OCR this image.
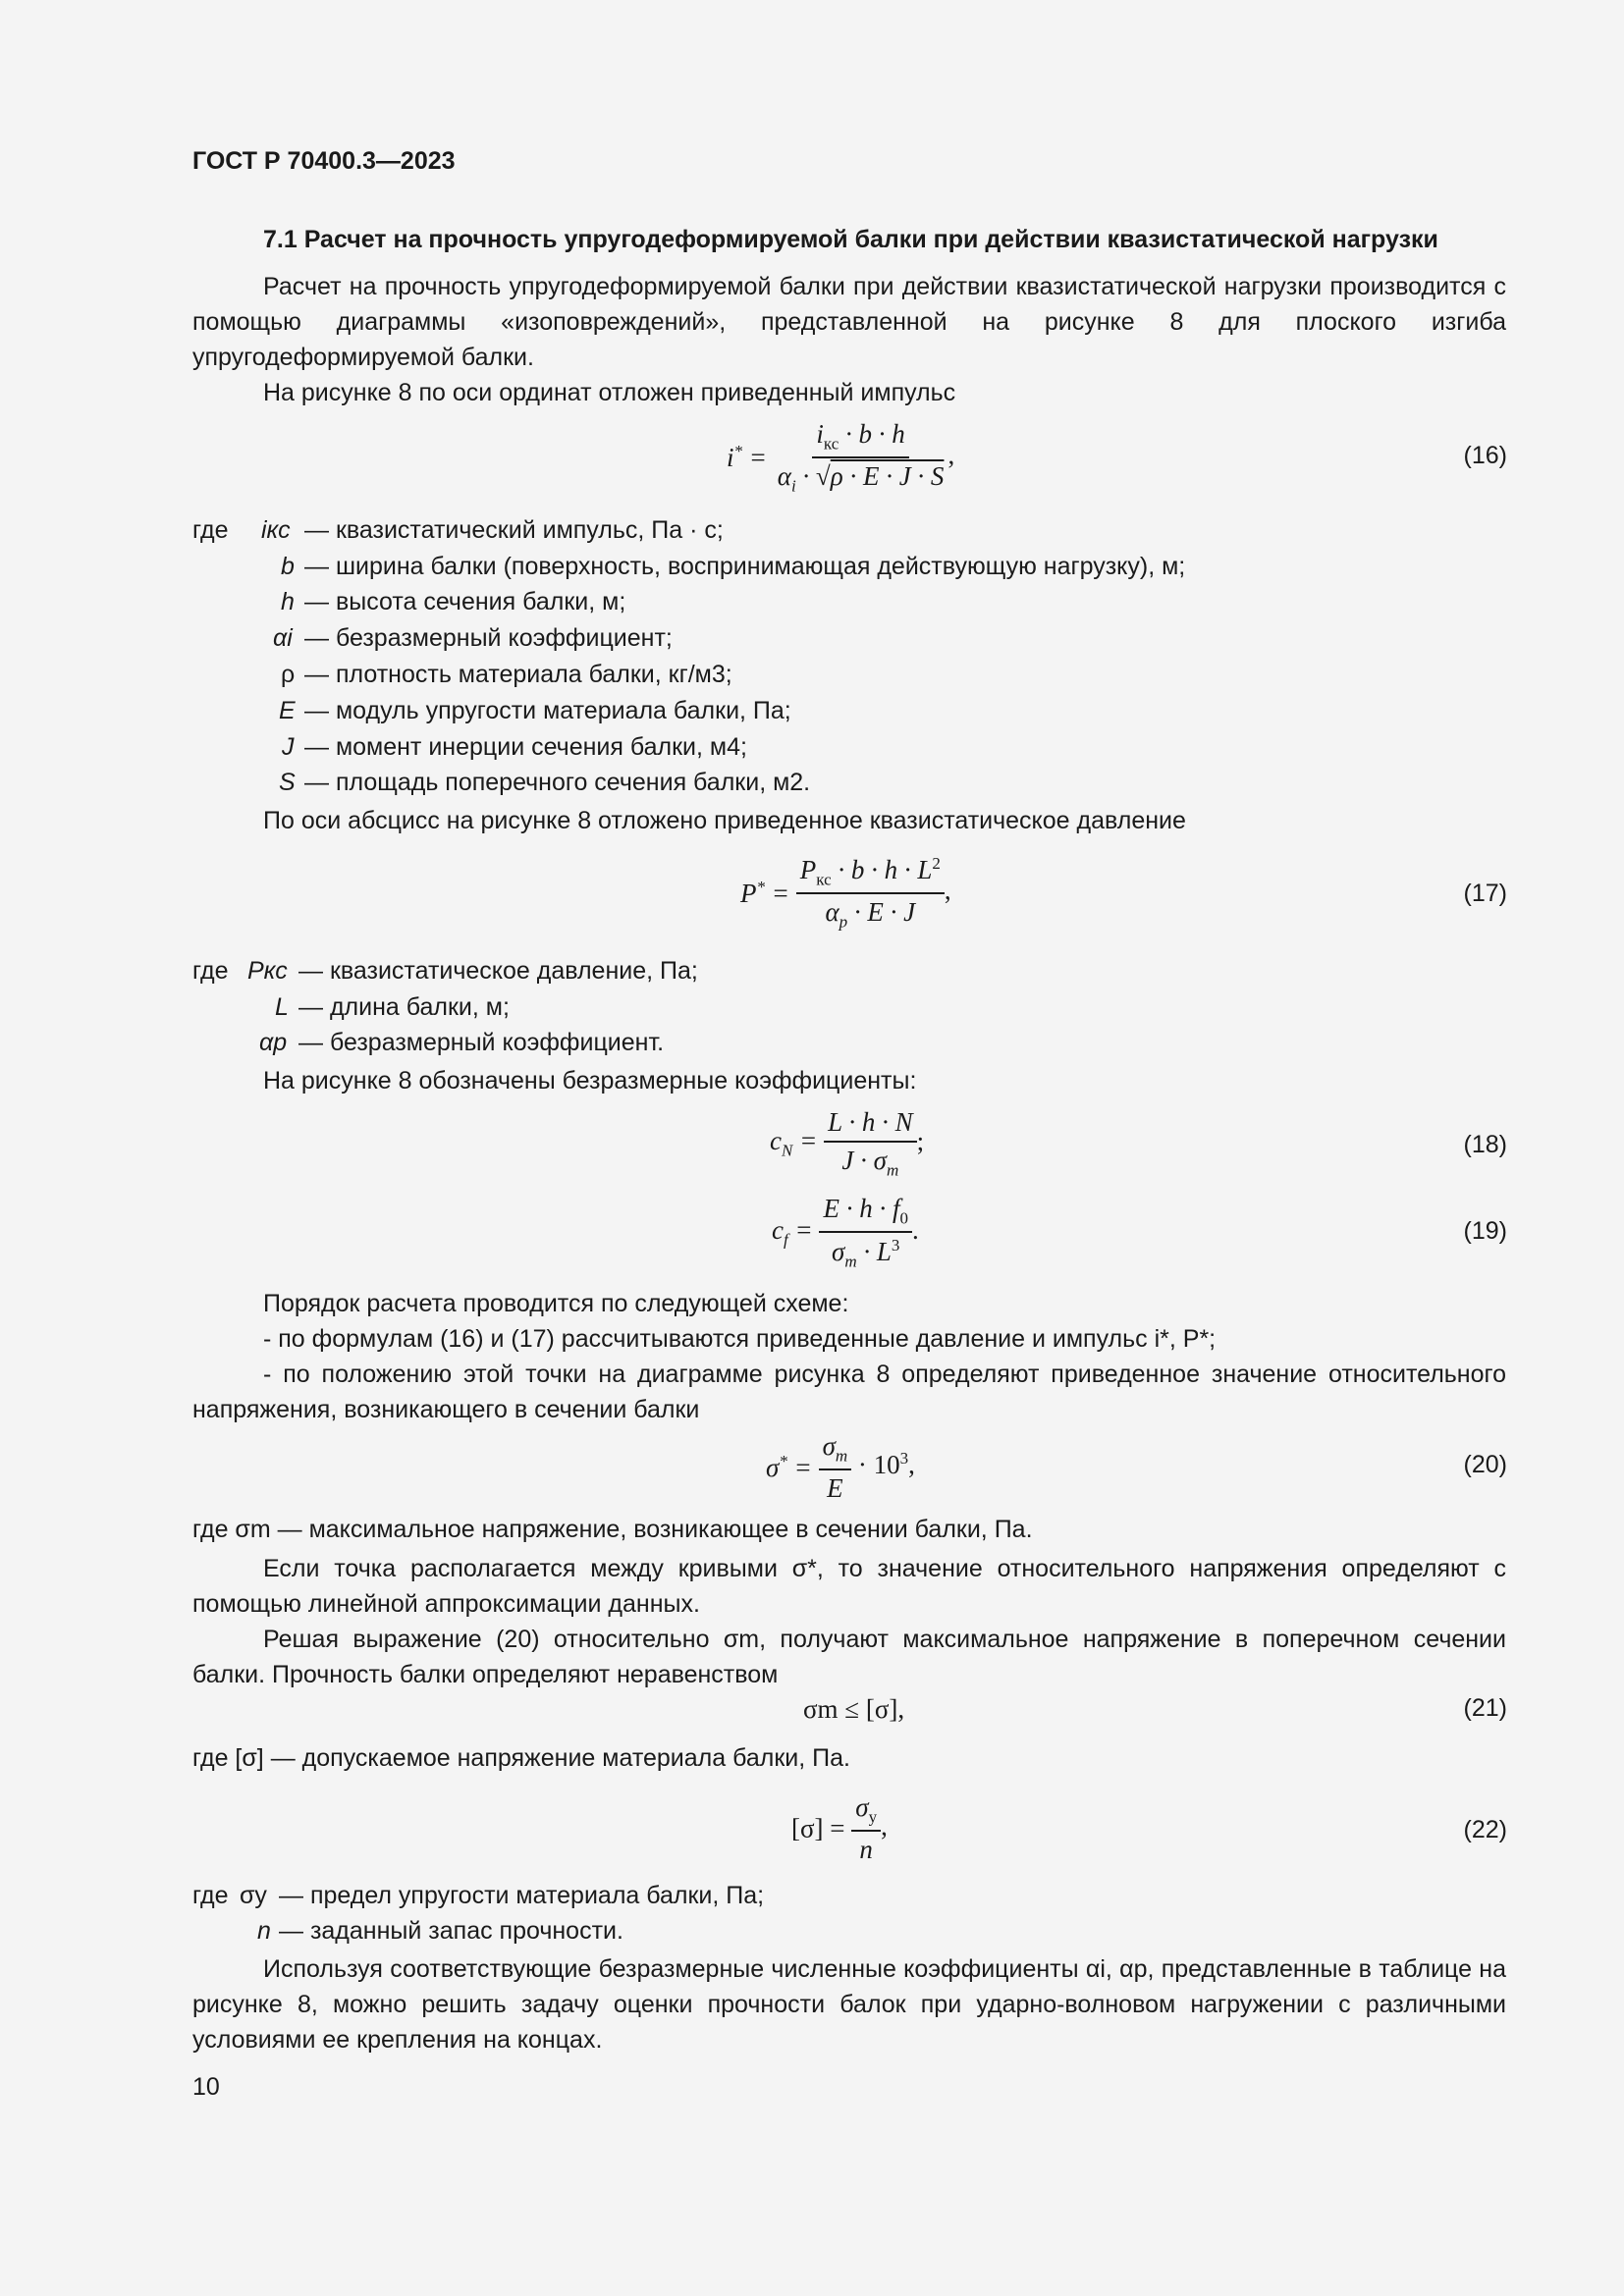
ГОСТ Р 70400.3—2023
7.1 Расчет на прочность упругодеформируемой балки при действии квазистатической нагрузки
Расчет на прочность упругодеформируемой балки при действии квазистатической нагрузки производится с помощью диаграммы «изоповреждений», представленной на рисунке 8 для плоского изгиба упругодеформируемой балки.
На рисунке 8 по оси ординат отложен приведенный импульс
$i^* = \frac{i_{кс} \cdot b \cdot h}{\alpha_i \cdot √\rho \cdot E \cdot J \cdot S}$ ,	(16)
где iкс — квазистатический импульс, Па · с;
b — ширина балки (поверхность, воспринимающая действующую нагрузку), м;
h — высота сечения балки, м;
αi — безразмерный коэффициент;
ρ — плотность материала балки, кг/м3;
E — модуль упругости материала балки, Па;
J — момент инерции сечения балки, м4;
S — площадь поперечного сечения балки, м2.
По оси абсцисс на рисунке 8 отложено приведенное квазистатическое давление
$P^* = \frac{P_{кс} \cdot b \cdot h \cdot L^2}{\alpha_p \cdot E \cdot J}$ ,	(17)
где Pкс — квазистатическое давление, Па;
L — длина балки, м;
αp — безразмерный коэффициент.
На рисунке 8 обозначены безразмерные коэффициенты:
$c_N = \frac{L \cdot h \cdot N}{J \cdot \sigma_m}$ ;	(18)
$c_f = \frac{E \cdot h \cdot f_0}{\sigma_m \cdot L^3}$ .	(19)
Порядок расчета проводится по следующей схеме:
- по формулам (16) и (17) рассчитываются приведенные давление и импульс i*, P*;
- по положению этой точки на диаграмме рисунка 8 определяют приведенное значение относительного напряжения, возникающего в сечении балки
$\sigma^* = \frac{\sigma_m}{E} \cdot 10^3$,	(20)
где σm — максимальное напряжение, возникающее в сечении балки, Па.
Если точка располагается между кривыми σ*, то значение относительного напряжения определяют с помощью линейной аппроксимации данных.
Решая выражение (20) относительно σm, получают максимальное напряжение в поперечном сечении балки. Прочность балки определяют неравенством
σm ≤ [σ],	(21)
где [σ] — допускаемое напряжение материала балки, Па.
$[\sigma] = \frac{\sigma_у}{n}$ ,	(22)
где σу — предел упругости материала балки, Па;
n — заданный запас прочности.
Используя соответствующие безразмерные численные коэффициенты αi, αp, представленные в таблице на рисунке 8, можно решить задачу оценки прочности балок при ударно-волновом нагружении с различными условиями ее крепления на концах.
10
